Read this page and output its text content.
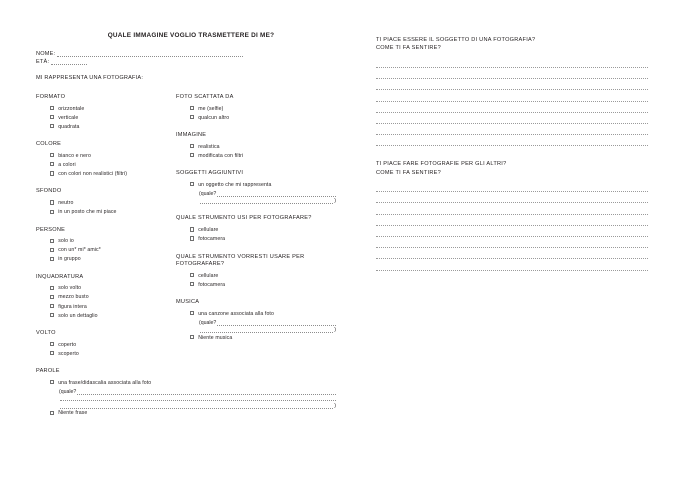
QUALE IMMAGINE VOGLIO TRASMETTERE DI ME?
NOME:
ETÀ:
MI RAPPRESENTA UNA FOTOGRAFIA:
FORMATO
orizzontale
verticale
quadrata
COLORE
bianco e nero
a colori
con colori non realistici (filtri)
SFONDO
neutro
in un posto che mi piace
PERSONE
solo io
con un* mi* amic*
in gruppo
INQUADRATURA
solo volto
mezzo busto
figura intera
solo un dettaglio
VOLTO
coperto
scoperto
FOTO SCATTATA DA
me (selfie)
qualcun altro
IMMAGINE
realistica
modificata con filtri
SOGGETTI AGGIUNTIVI
un oggetto che mi rappresenta
(quale?
)
QUALE STRUMENTO USI PER FOTOGRAFARE?
cellulare
fotocamera
QUALE STRUMENTO VORRESTI USARE PER FOTOGRAFARE?
cellulare
fotocamera
MUSICA
una canzone associata alla foto
(quale?
)
Niente musica
PAROLE
una frase/didascalia associata alla foto
(quale?
)
Niente frase
TI PIACE ESSERE IL SOGGETTO DI UNA FOTOGRAFIA?
COME TI FA SENTIRE?
TI PIACE FARE FOTOGRAFIE PER GLI ALTRI?
COME TI FA SENTIRE?
